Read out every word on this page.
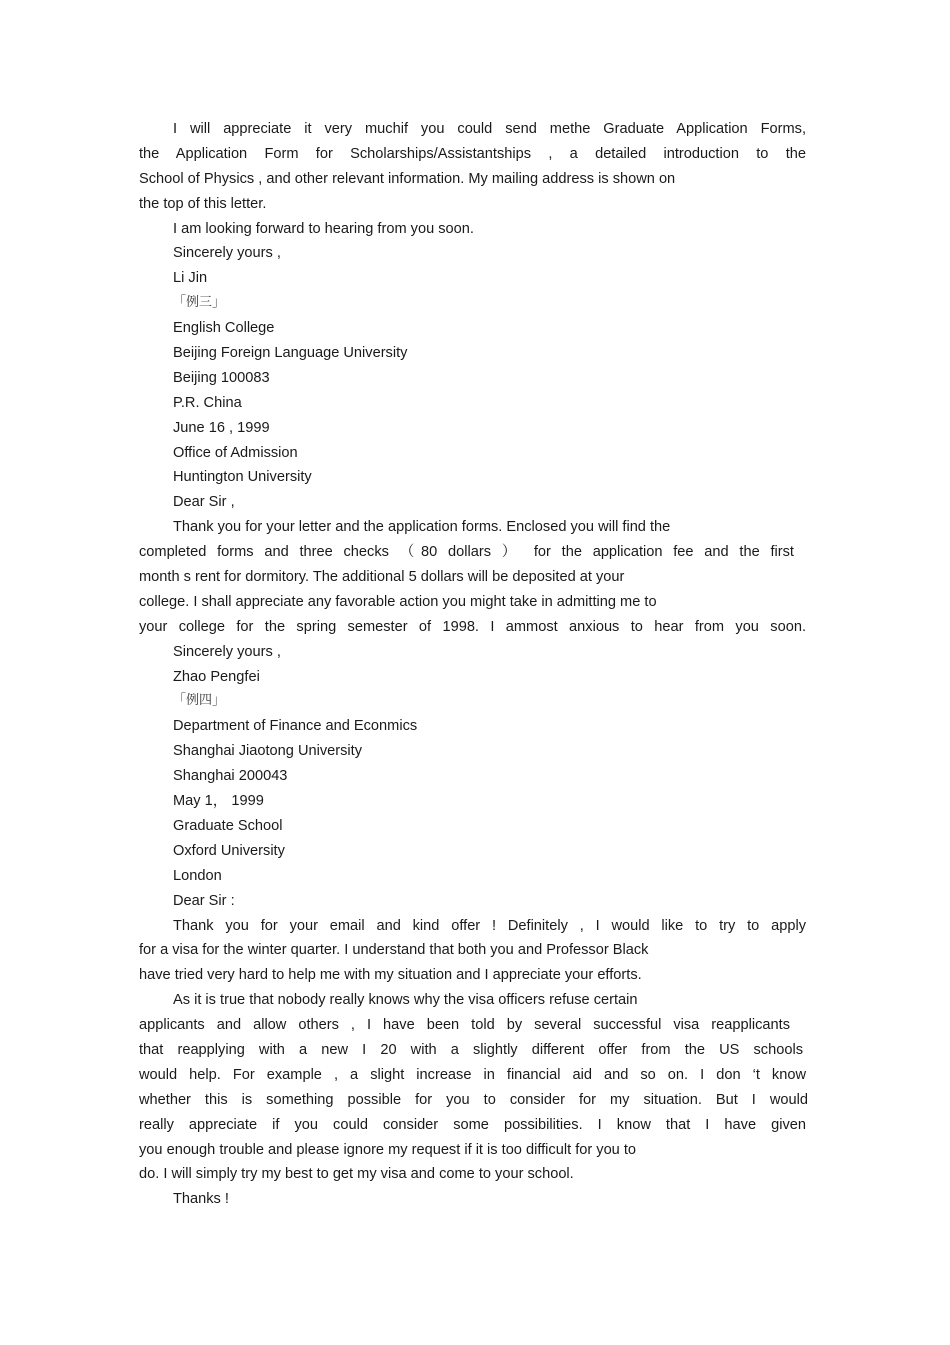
I will appreciate it very muchif you could send methe Graduate Application Forms,
the Application Form for Scholarships/Assistantships , a detailed introduction to the
School of Physics , and other relevant information. My mailing address is shown on
the top of this letter.
I am looking forward to hearing from you soon.
Sincerely yours ,
Li Jin
「例三」
English College
Beijing Foreign Language University
Beijing 100083
P.R. China
June 16 , 1999
Office of Admission
Huntington University
Dear Sir ,
Thank you for your letter and the application forms. Enclosed you will find the
completed forms and three checks （80 dollars ） for the application fee and the first
month s rent for dormitory. The additional 5 dollars will be deposited at your
college. I shall appreciate any favorable action you might take in admitting me to
your college for the spring semester of 1998. I ammost anxious to hear from you soon.
Sincerely yours ,
Zhao Pengfei
「例四」
Department of Finance and Econmics
Shanghai Jiaotong University
Shanghai 200043
May 1， 1999
Graduate School
Oxford University
London
Dear Sir :
Thank you for your email and kind offer ! Definitely , I would like to try to apply
for a visa for the winter quarter. I understand that both you and Professor Black
have tried very hard to help me with my situation and I appreciate your efforts.
As it is true that nobody really knows why the visa officers refuse certain
applicants and allow others , I have been told by several successful visa reapplicants
that reapplying with a new I 20 with a slightly different offer from the US schools
would help. For example , a slight increase in financial aid and so on. I don ‘t know
whether this is something possible for you to consider for my situation. But I would
really appreciate if you could consider some possibilities. I know that I have given
you enough trouble and please ignore my request if it is too difficult for you to
do. I will simply try my best to get my visa and come to your school.
Thanks !
